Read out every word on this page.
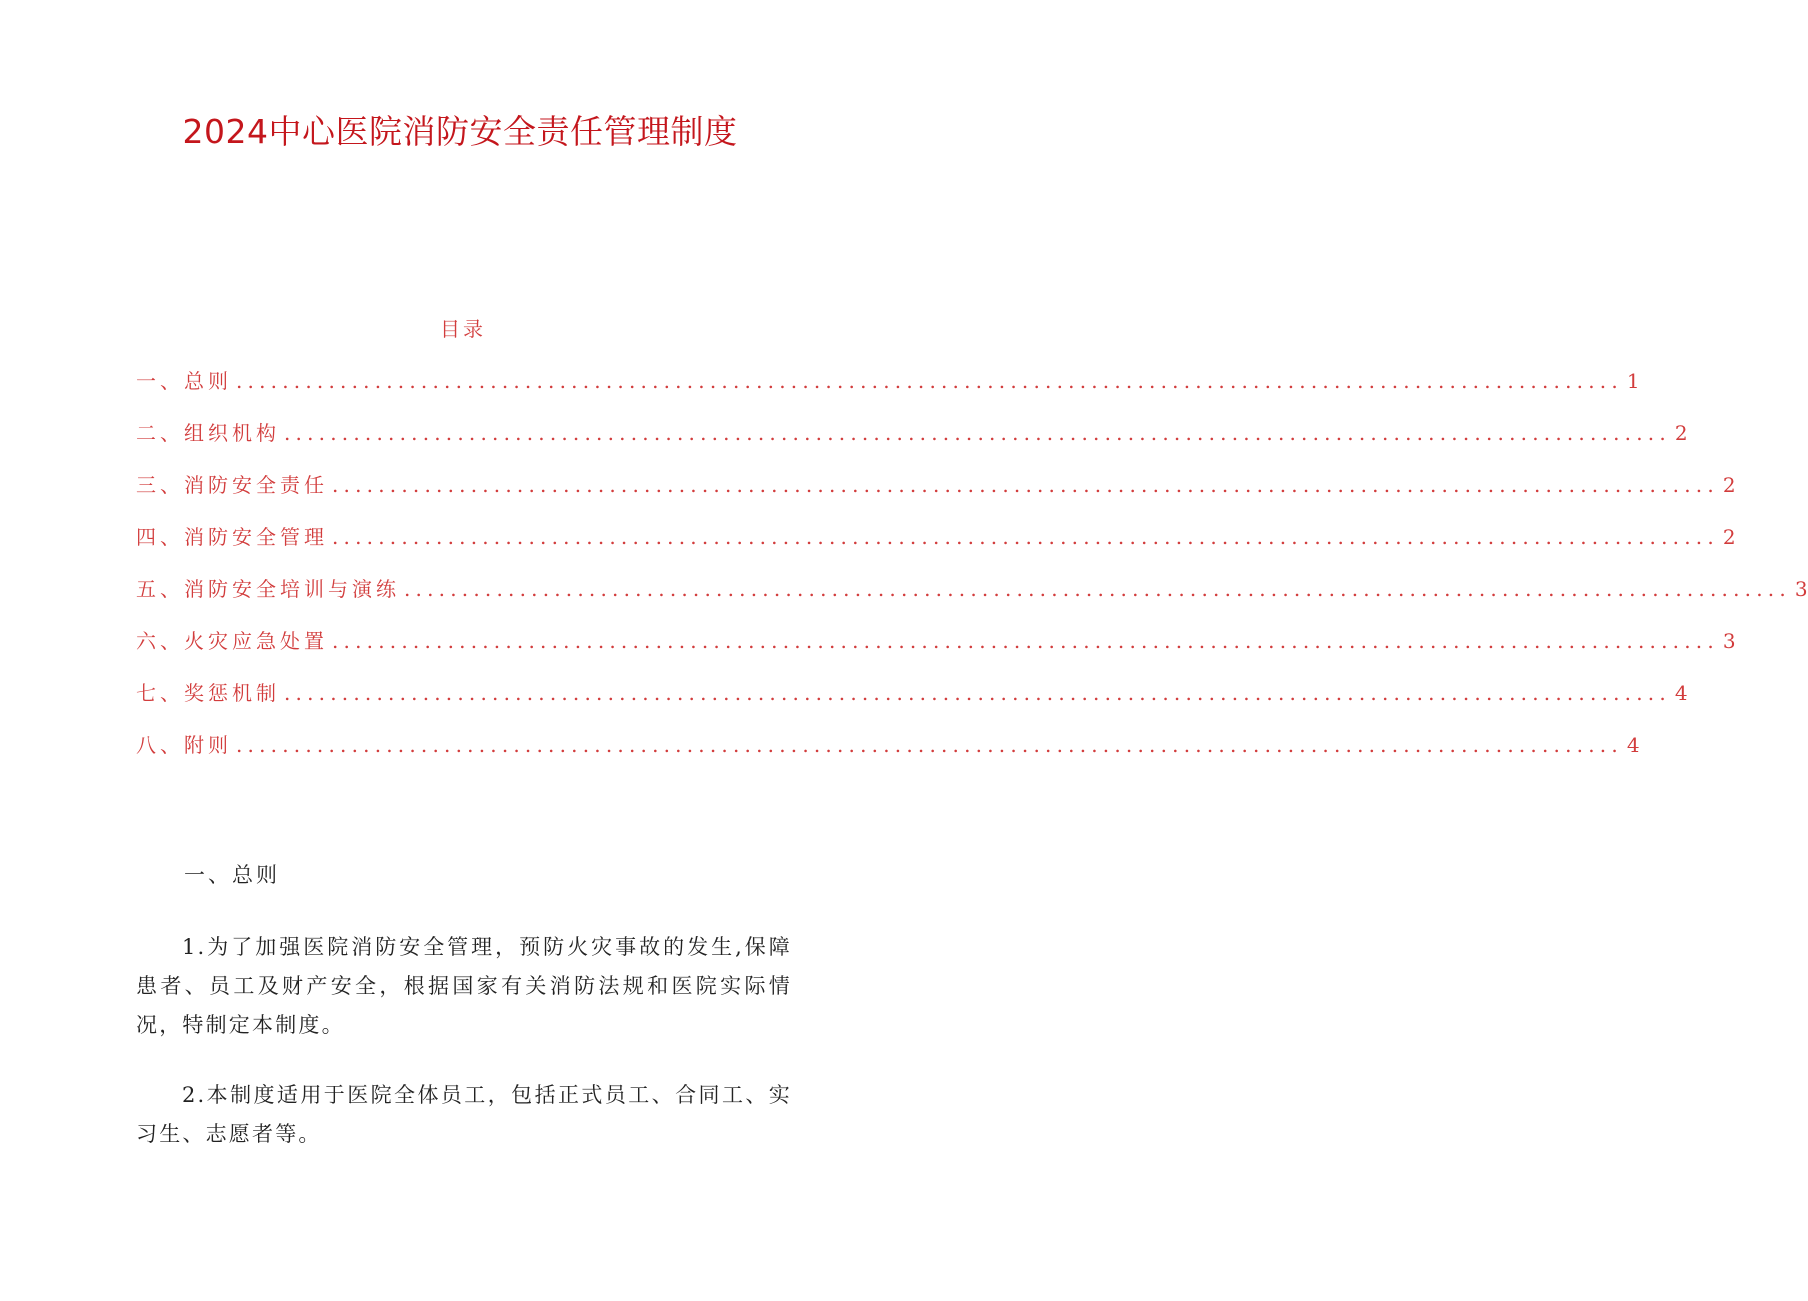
2024中心医院消防安全责任管理制度
目录
一、总则 ........................................................................................................................ 1
二、组织机构 ........................................................................................................................ 2
三、消防安全责任 ........................................................................................................................ 2
四、消防安全管理 ........................................................................................................................ 2
五、消防安全培训与演练 ........................................................................................................................ 3
六、火灾应急处置 ........................................................................................................................ 3
七、奖惩机制 ........................................................................................................................ 4
八、附则 ........................................................................................................................ 4
一、总则

1.为了加强医院消防安全管理，预防火灾事故的发生,保障患者、员工及财产安全，根据国家有关消防法规和医院实际情况，特制定本制度。

2.本制度适用于医院全体员工，包括正式员工、合同工、实习生、志愿者等。
